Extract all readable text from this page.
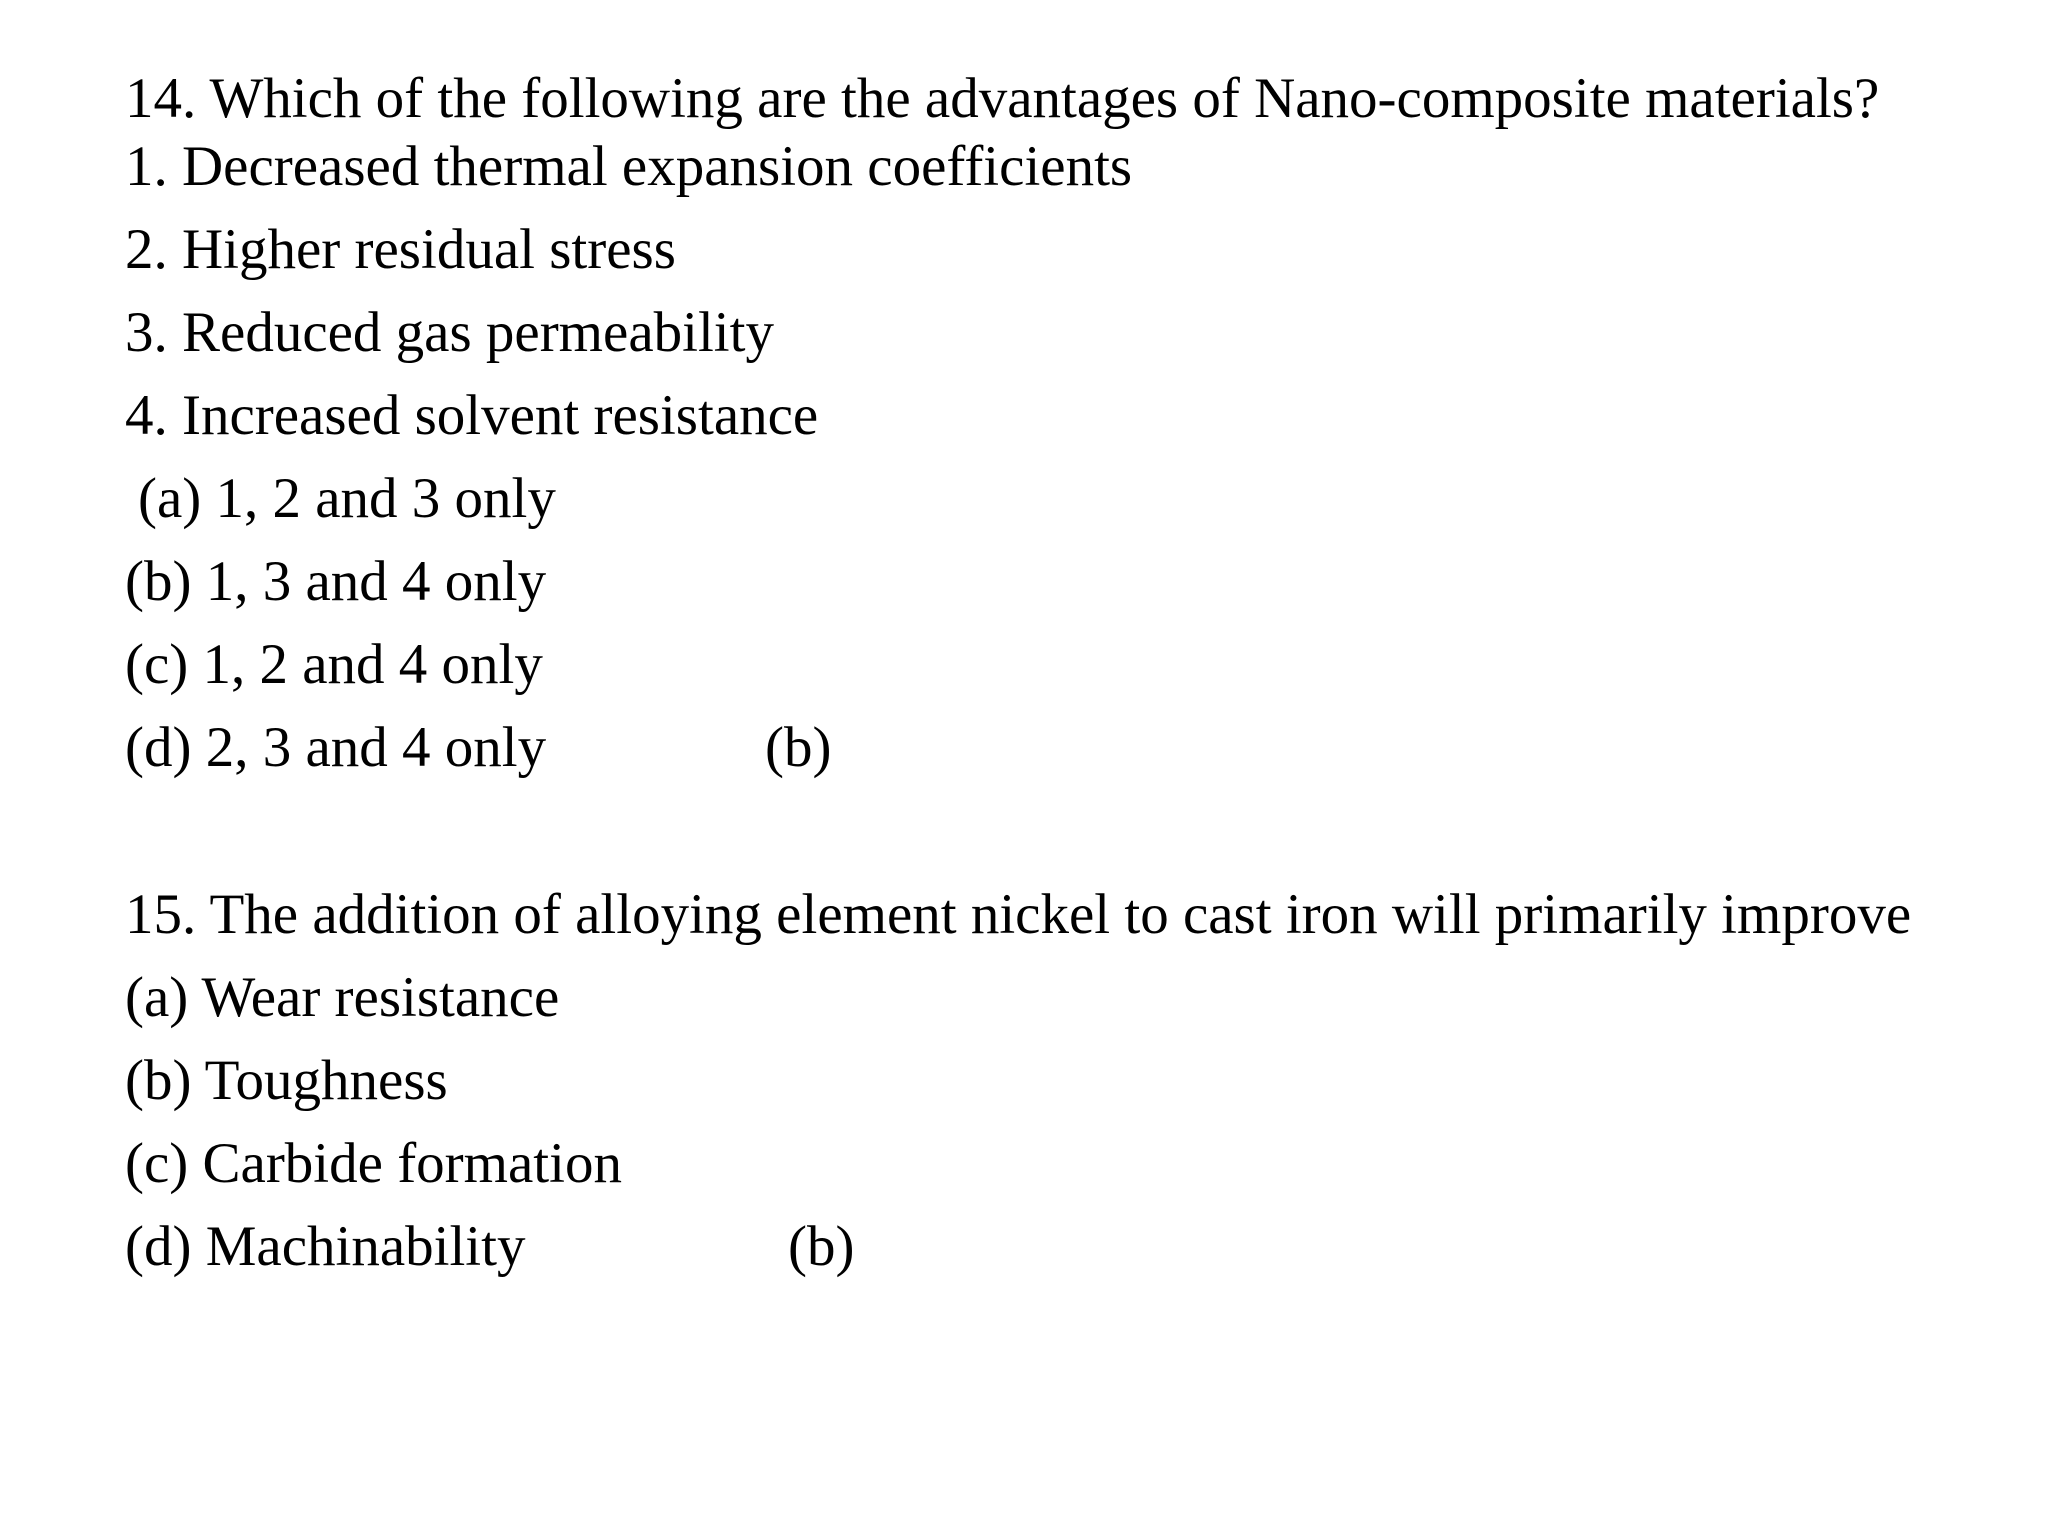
14. Which of the following are the advantages of Nano-composite materials?
1. Decreased thermal expansion coefficients
2. Higher residual stress
3. Reduced gas permeability
4. Increased solvent resistance
(a) 1, 2 and 3 only
(b) 1, 3 and 4 only
(c) 1, 2 and 4 only
(d) 2, 3 and 4 only	(b)
15. The addition of alloying element nickel to cast iron will primarily improve
(a) Wear resistance
(b) Toughness
(c) Carbide formation
(d) Machinability	(b)
